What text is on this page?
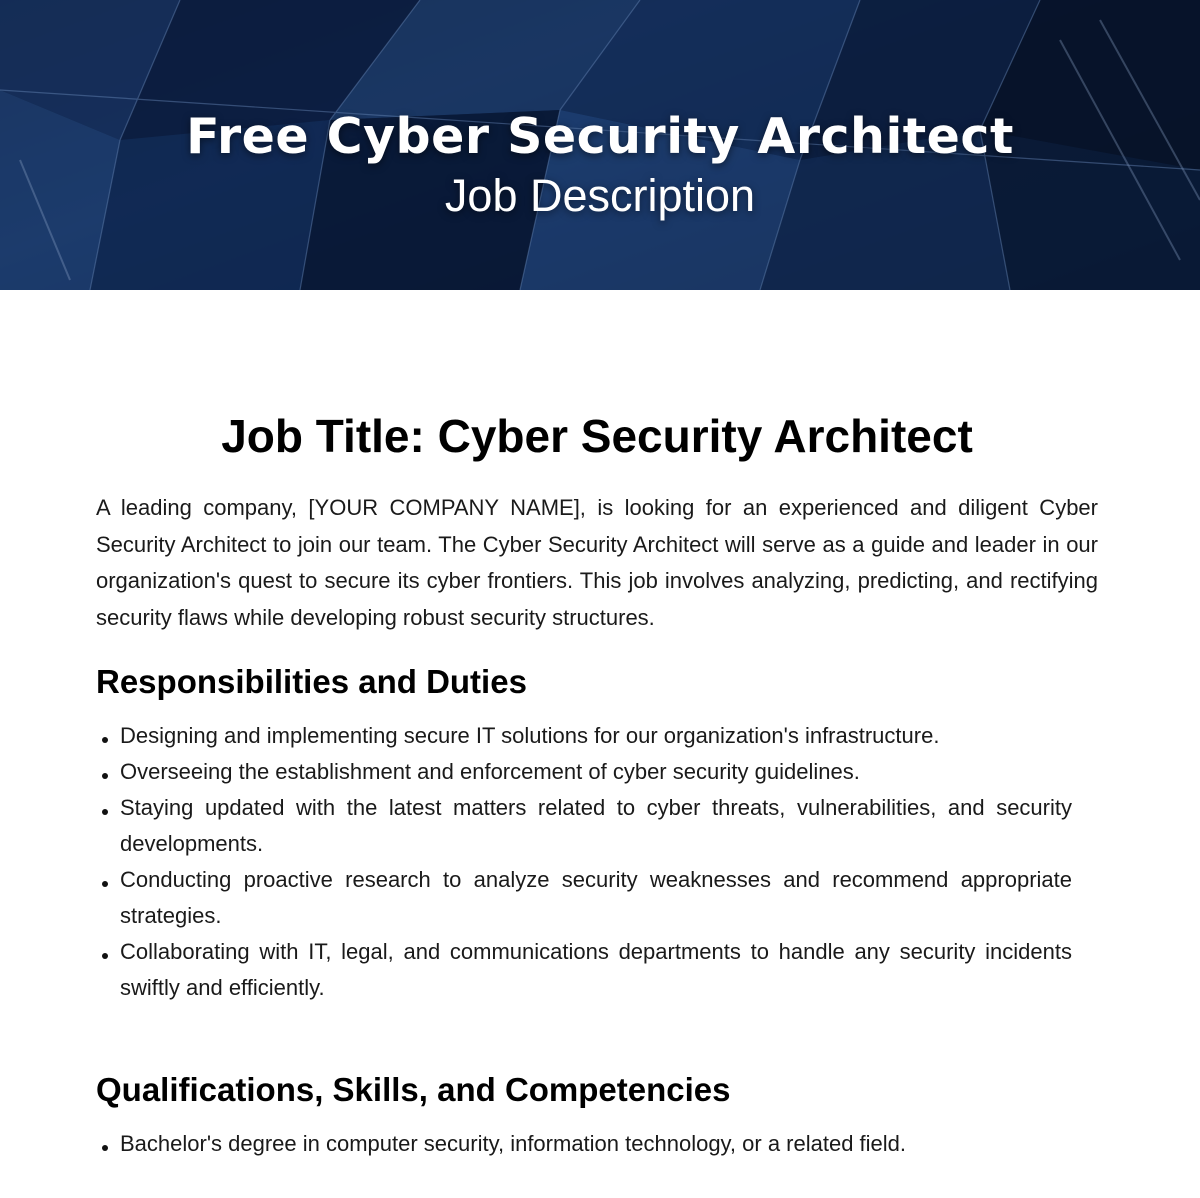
Free Cyber Security Architect
Job Description
Job Title: Cyber Security Architect

A leading company, [YOUR COMPANY NAME], is looking for an experienced and diligent Cyber Security Architect to join our team. The Cyber Security Architect will serve as a guide and leader in our organization's quest to secure its cyber frontiers. This job involves analyzing, predicting, and rectifying security flaws while developing robust security structures.

Responsibilities and Duties
Designing and implementing secure IT solutions for our organization's infrastructure.
Overseeing the establishment and enforcement of cyber security guidelines.
Staying updated with the latest matters related to cyber threats, vulnerabilities, and security developments.
Conducting proactive research to analyze security weaknesses and recommend appropriate strategies.
Collaborating with IT, legal, and communications departments to handle any security incidents swiftly and efficiently.
Qualifications, Skills, and Competencies
Bachelor's degree in computer security, information technology, or a related field.
